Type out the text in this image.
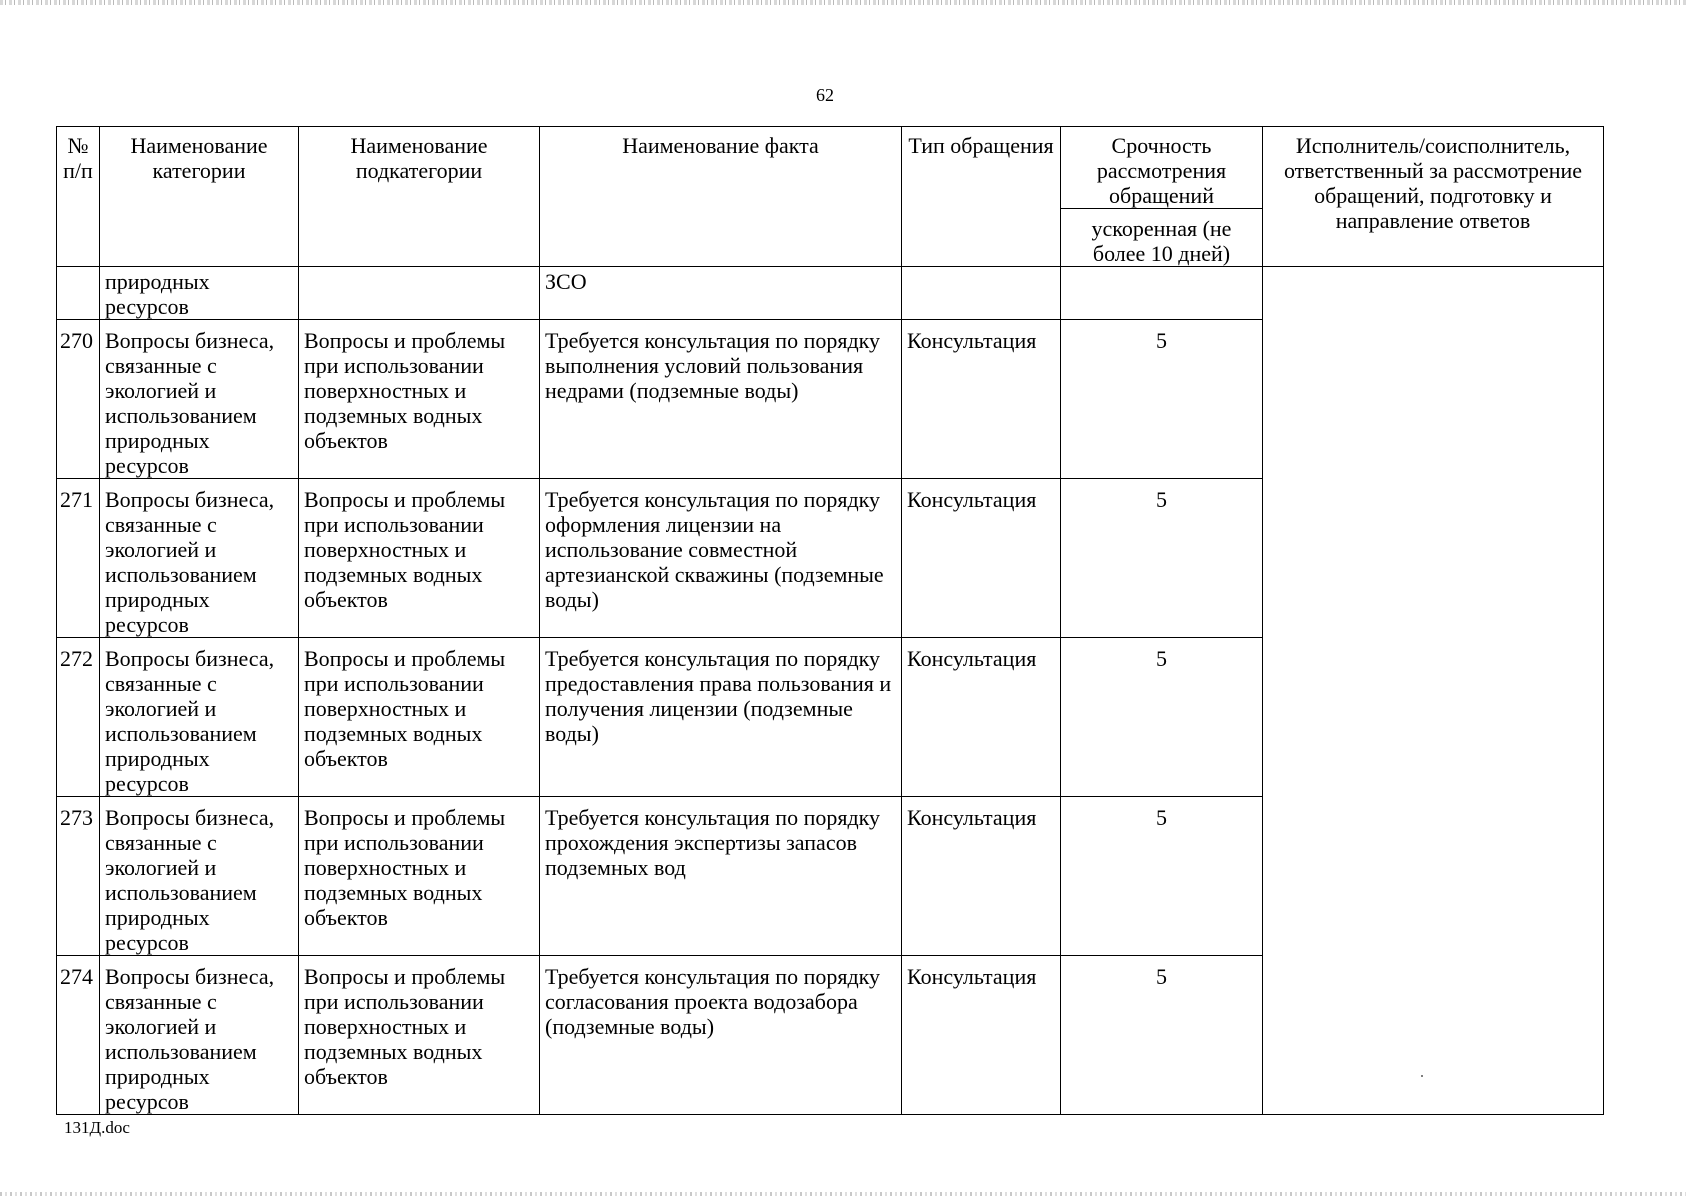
62
№ п/п	Наименование категории	Наименование подкатегории	Наименование факта	Тип обращения	Срочность рассмотрения обращений	Исполнитель/соисполнитель, ответственный за рассмотрение обращений, подготовку и направление ответов
					ускоренная (не более 10 дней)	
	природных ресурсов		ЗСО			
270	Вопросы бизнеса, связанные с экологией и использованием природных ресурсов	Вопросы и проблемы при использовании поверхностных и подземных водных объектов	Требуется консультация по порядку выполнения условий пользования недрами (подземные воды)	Консультация	5	
271	Вопросы бизнеса, связанные с экологией и использованием природных ресурсов	Вопросы и проблемы при использовании поверхностных и подземных водных объектов	Требуется консультация по порядку оформления лицензии на использование совместной артезианской скважины (подземные воды)	Консультация	5	
272	Вопросы бизнеса, связанные с экологией и использованием природных ресурсов	Вопросы и проблемы при использовании поверхностных и подземных водных объектов	Требуется консультация по порядку предоставления права пользования и получения лицензии (подземные воды)	Консультация	5	
273	Вопросы бизнеса, связанные с экологией и использованием природных ресурсов	Вопросы и проблемы при использовании поверхностных и подземных водных объектов	Требуется консультация по порядку прохождения экспертизы запасов подземных вод	Консультация	5	
274	Вопросы бизнеса, связанные с экологией и использованием природных ресурсов	Вопросы и проблемы при использовании поверхностных и подземных водных объектов	Требуется консультация по порядку согласования проекта водозабора (подземные воды)	Консультация	5	
131Д.doc
